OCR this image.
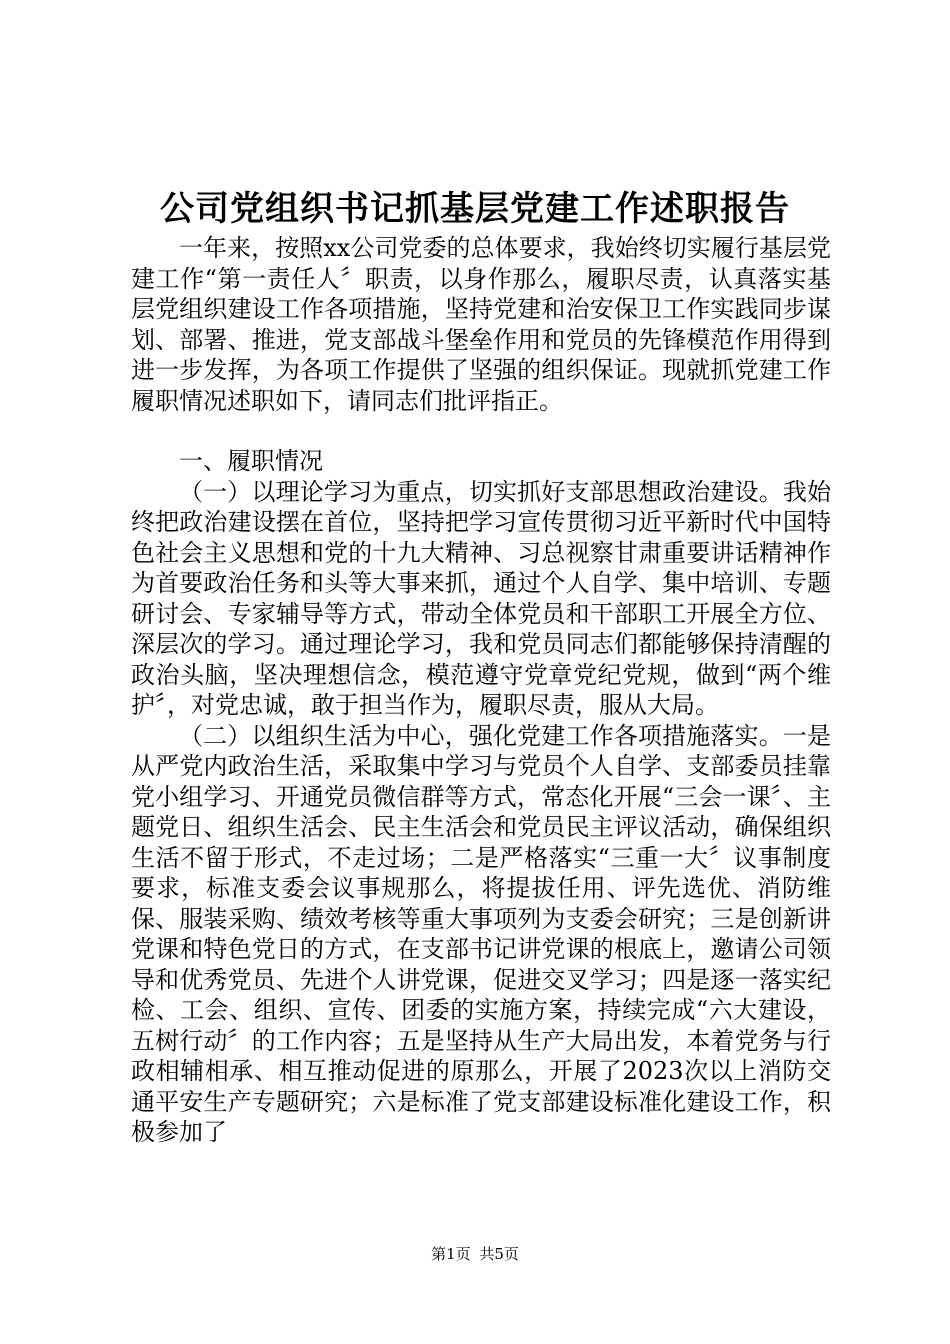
公司党组织书记抓基层党建工作述职报告

一年来，按照xx公司党委的总体要求，我始终切实履行基层党建工作“第一责任人〞职责，以身作那么，履职尽责，认真落实基层党组织建设工作各项措施，坚持党建和治安保卫工作实践同步谋划、部署、推进，党支部战斗堡垒作用和党员的先锋模范作用得到进一步发挥，为各项工作提供了坚强的组织保证。现就抓党建工作履职情况述职如下，请同志们批评指正。

一、履职情况

（一）以理论学习为重点，切实抓好支部思想政治建设。我始终把政治建设摆在首位，坚持把学习宣传贯彻习近平新时代中国特色社会主义思想和党的十九大精神、习总视察甘肃重要讲话精神作为首要政治任务和头等大事来抓，通过个人自学、集中培训、专题研讨会、专家辅导等方式，带动全体党员和干部职工开展全方位、深层次的学习。通过理论学习，我和党员同志们都能够保持清醒的政治头脑，坚决理想信念，模范遵守党章党纪党规，做到“两个维护〞，对党忠诚，敢于担当作为，履职尽责，服从大局。

（二）以组织生活为中心，强化党建工作各项措施落实。一是从严党内政治生活，采取集中学习与党员个人自学、支部委员挂靠党小组学习、开通党员微信群等方式，常态化开展“三会一课〞、主题党日、组织生活会、民主生活会和党员民主评议活动，确保组织生活不留于形式，不走过场；二是严格落实“三重一大〞议事制度要求，标准支委会议事规那么，将提拔任用、评先选优、消防维保、服装采购、绩效考核等重大事项列为支委会研究；三是创新讲党课和特色党日的方式，在支部书记讲党课的根底上，邀请公司领导和优秀党员、先进个人讲党课，促进交叉学习；四是逐一落实纪检、工会、组织、宣传、团委的实施方案，持续完成“六大建设，五树行动〞的工作内容；五是坚持从生产大局出发，本着党务与行政相辅相承、相互推动促进的原那么，开展了2023次以上消防交通平安生产专题研究；六是标准了党支部建设标准化建设工作，积极参加了

第1页 共5页
